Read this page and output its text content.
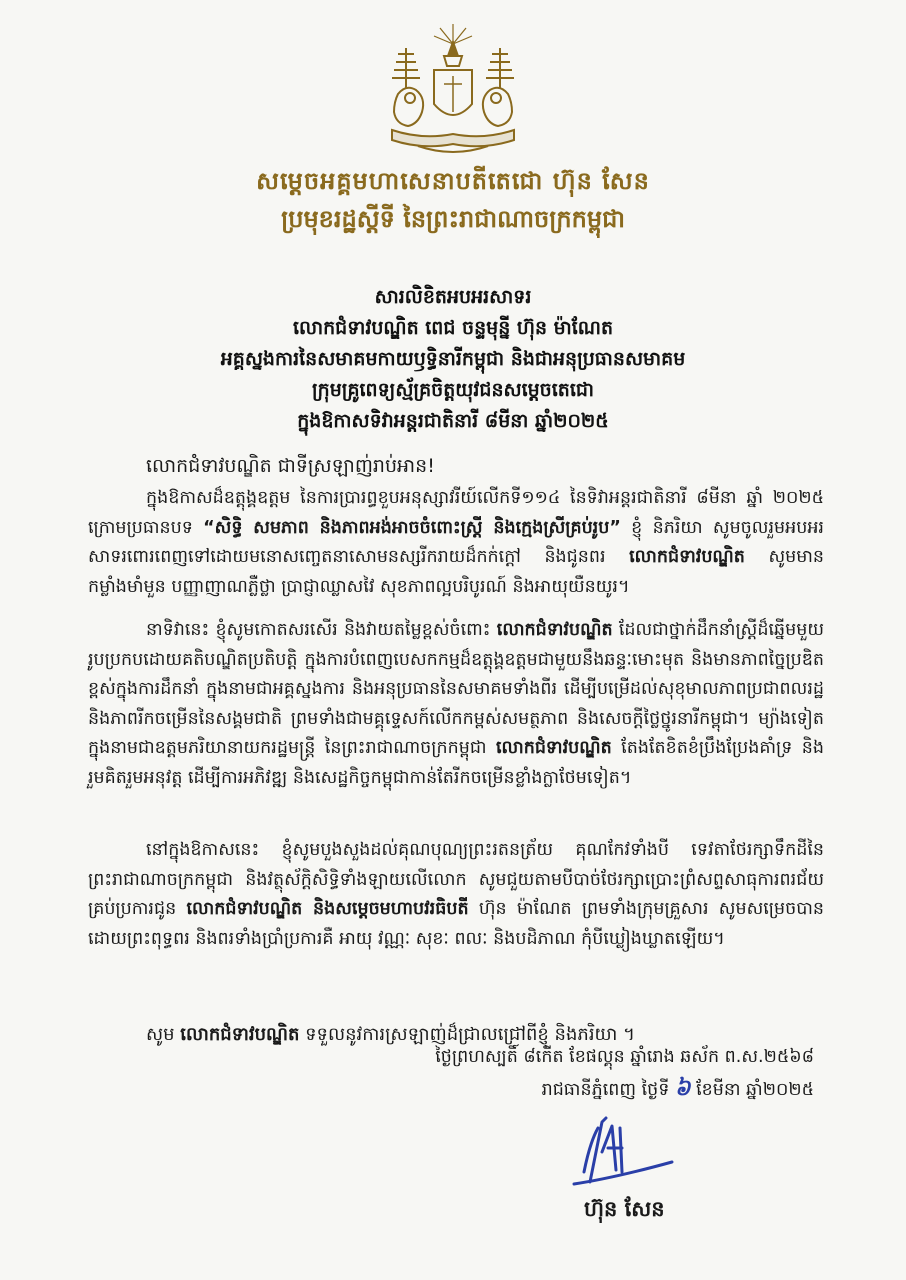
សម្តេចអគ្គមហាសេនាបតីតេជោ ហ៊ុន សែន
ប្រមុខរដ្ឋស្តីទី នៃព្រះរាជាណាចក្រកម្ពុជា
សារលិខិតអបអរសាទរ
លោកជំទាវបណ្ឌិត ពេជ ចន្ទមុន្នី ហ៊ុន ម៉ាណែត
អគ្គស្នងការនៃសមាគមកាយឫទ្ធិនារីកម្ពុជា និងជាអនុប្រធានសមាគម
ក្រុមគ្រូពេទ្យស្ម័គ្រចិត្តយុវជនសម្តេចតេជោ
ក្នុងឱកាសទិវាអន្តរជាតិនារី ៨មីនា ឆ្នាំ២០២៥
លោកជំទាវបណ្ឌិត ជាទីស្រឡាញ់រាប់អាន!
ក្នុងឱកាសដ៏ឧត្តុង្គឧត្តម នៃការប្រារព្ធខួបអនុស្សាវរីយ៍លើកទី១១៤ នៃទិវាអន្តរជាតិនារី ៨មីនា ឆ្នាំ ២០២៥ ក្រោមប្រធានបទ “សិទ្ធិ សមភាព និងភាពអង់អាចចំពោះស្រ្តី និងក្មេងស្រីគ្រប់រូប” ខ្ញុំ និភរិយា សូមចូលរួមអបអរសាទរពោរពេញទៅដោយមនោសញ្ចេតនាសោមនស្សរីករាយដ៏កក់ក្តៅ និងជូនពរ លោកជំទាវបណ្ឌិត សូមមានកម្លាំងមាំមួន បញ្ញាញាណភ្លឺថ្លា ប្រាជ្ញាឈ្លាសវៃ សុខភាពល្អបរិបូរណ៍ និងអាយុយឺនយូរ។
នាទិវានេះ ខ្ញុំសូមកោតសរសើរ និងវាយតម្លៃខ្ពស់ចំពោះ លោកជំទាវបណ្ឌិត ដែលជាថ្នាក់ដឹកនាំស្ត្រីដ៏ឆ្នើមមួយរូបប្រកបដោយគតិបណ្ឌិតប្រតិបត្តិ ក្នុងការបំពេញបេសកកម្មដ៏ឧត្តុង្គឧត្តមជាមួយនឹងឆន្ទៈមោះមុត និងមានភាពច្នៃប្រឌិតខ្ពស់ក្នុងការដឹកនាំ ក្នុងនាមជាអគ្គស្នងការ និងអនុប្រធាននៃសមាគមទាំងពីរ ដើម្បីបម្រើដល់សុខុមាលភាពប្រជាពលរដ្ឋ និងភាពរីកចម្រើននៃសង្គមជាតិ ព្រមទាំងជាមគ្គុទ្ទេសក៍លើកកម្ពស់សមត្ថភាព និងសេចក្តីថ្លៃថ្នូរនារីកម្ពុជា។ ម្យ៉ាងទៀត ក្នុងនាមជាឧត្តមភរិយានាយករដ្ឋមន្ត្រី នៃព្រះរាជាណាចក្រកម្ពុជា លោកជំទាវបណ្ឌិត តែងតែខិតខំប្រឹងប្រែងគាំទ្រ និងរួមគិតរួមអនុវត្ត ដើម្បីការអភិវឌ្ឍ និងសេដ្ឋកិច្ចកម្ពុជាកាន់តែរីកចម្រើនខ្លាំងក្លាថែមទៀត។
នៅក្នុងឱកាសនេះ ខ្ញុំសូមបួងសួងដល់គុណបុណ្យព្រះរតនត្រ័យ គុណកែវទាំងបី ទេវតាថែរក្សាទឹកដីនៃព្រះរាជាណាចក្រកម្ពុជា និងវត្ថុស័ក្តិសិទ្ធិទាំងឡាយលើលោក សូមជួយតាមបីបាច់ថែរក្សាប្រោះព្រំសព្ទសាធុការពរជ័យគ្រប់ប្រការជូន លោកជំទាវបណ្ឌិត និងសម្តេចមហាបវរធិបតី ហ៊ុន ម៉ាណែត ព្រមទាំងក្រុមគ្រួសារ សូមសម្រេចបានដោយព្រះពុទ្ធពរ និងពរទាំងប្រាំប្រការគឺ អាយុ វណ្ណៈ សុខៈ ពលៈ និងបដិភាណ កុំបីឃ្លៀងឃ្លាតឡើយ។
សូម លោកជំទាវបណ្ឌិត ទទួលនូវការស្រឡាញ់ដ៏ជ្រាលជ្រៅពីខ្ញុំ និងភរិយា ។
ថ្ងៃព្រហស្បតិ៍ ៨កើត ខែផល្គុន ឆ្នាំរោង ឆស័ក ព.ស.២៥៦៨
រាជធានីភ្នំពេញ ថ្ងៃទី ៦ ខែមីនា ឆ្នាំ២០២៥
ហ៊ុន សែន
